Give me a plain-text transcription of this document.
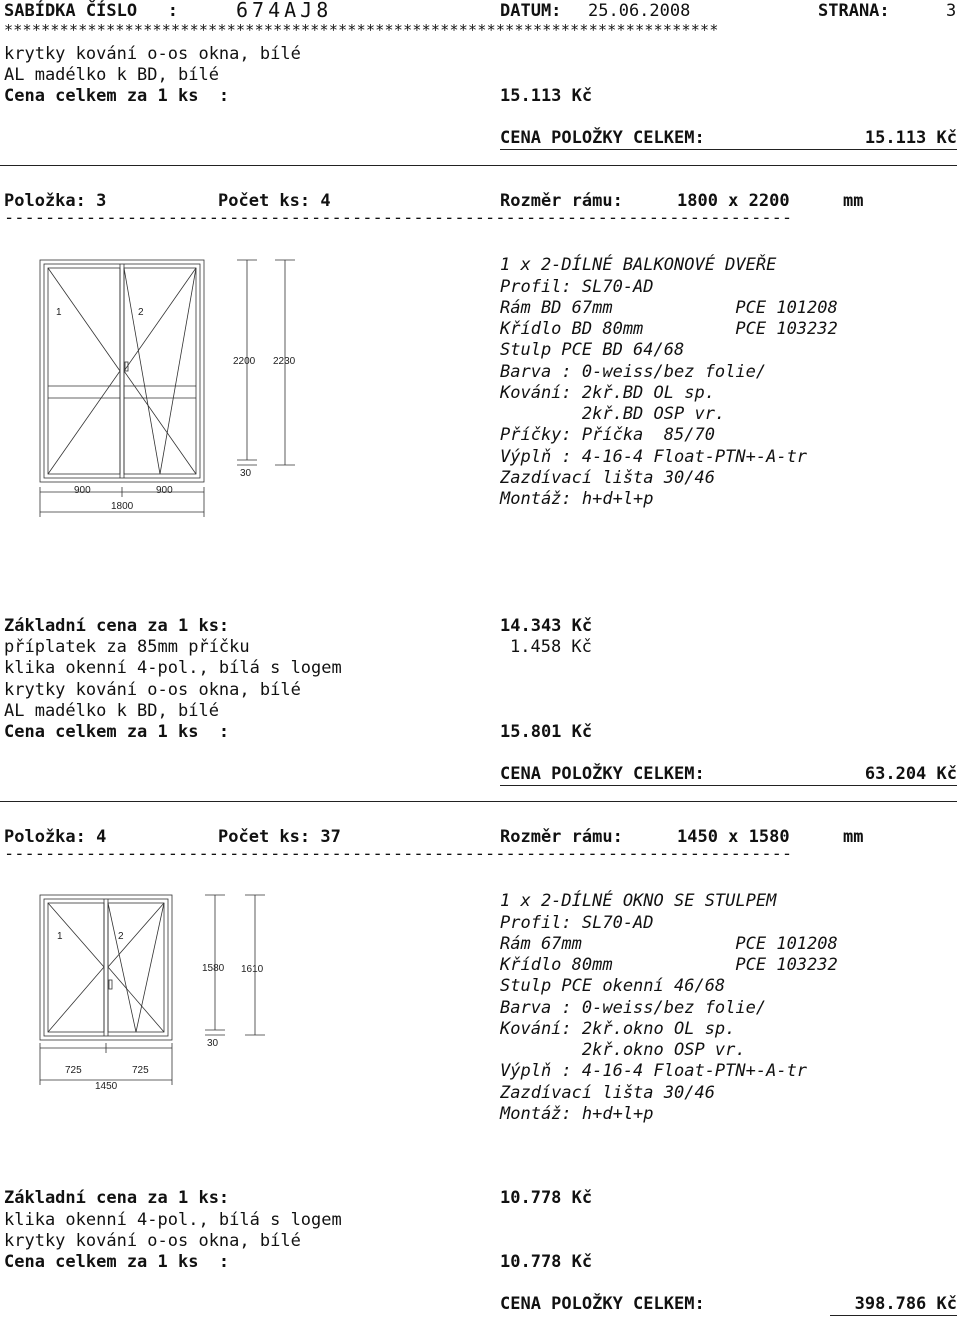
SABÍDKA ČÍSLO   :	674AJ8	DATUM: 25.06.2008	STRANA:	3
*****************************************************************************
krytky kování o-os okna, bílé
AL madélko k BD, bílé
Cena celkem za 1 ks  :	15.113 Kč
CENA POLOŽKY CELKEM:	15.113 Kč
Položka: 3	Počet ks: 4	Rozměr rámu:	1800 x 2200	mm
-----------------------------------------------------------------------------
1	2
2200 2230
30
900	900
1800
1 x 2-DÍLNÉ BALKONOVÉ DVEŘE
Profil: SL70-AD
Rám BD 67mm            PCE 101208
Křídlo BD 80mm         PCE 103232
Stulp PCE BD 64/68
Barva : 0-weiss/bez folie/
Kování: 2kř.BD OL sp.
2kř.BD OSP vr.
Příčky: Příčka  85/70
Výplň : 4-16-4 Float-PTN+-A-tr
Zazdívací lišta 30/46
Montáž: h+d+l+p
Základní cena za 1 ks:	14.343 Kč
příplatek za 85mm příčku	1.458 Kč
klika okenní 4-pol., bílá s logem
krytky kování o-os okna, bílé
AL madélko k BD, bílé
Cena celkem za 1 ks  :	15.801 Kč
CENA POLOŽKY CELKEM:	63.204 Kč
Položka: 4	Počet ks: 37	Rozměr rámu:	1450 x 1580	mm
-----------------------------------------------------------------------------
1	2
1580 1610
30
725	725
1450
1 x 2-DÍLNÉ OKNO SE STULPEM
Profil: SL70-AD
Rám 67mm               PCE 101208
Křídlo 80mm            PCE 103232
Stulp PCE okenní 46/68
Barva : 0-weiss/bez folie/
Kování: 2kř.okno OL sp.
2kř.okno OSP vr.
Výplň : 4-16-4 Float-PTN+-A-tr
Zazdívací lišta 30/46
Montáž: h+d+l+p
Základní cena za 1 ks:	10.778 Kč
klika okenní 4-pol., bílá s logem
krytky kování o-os okna, bílé
Cena celkem za 1 ks  :	10.778 Kč
CENA POLOŽKY CELKEM:	398.786 Kč
